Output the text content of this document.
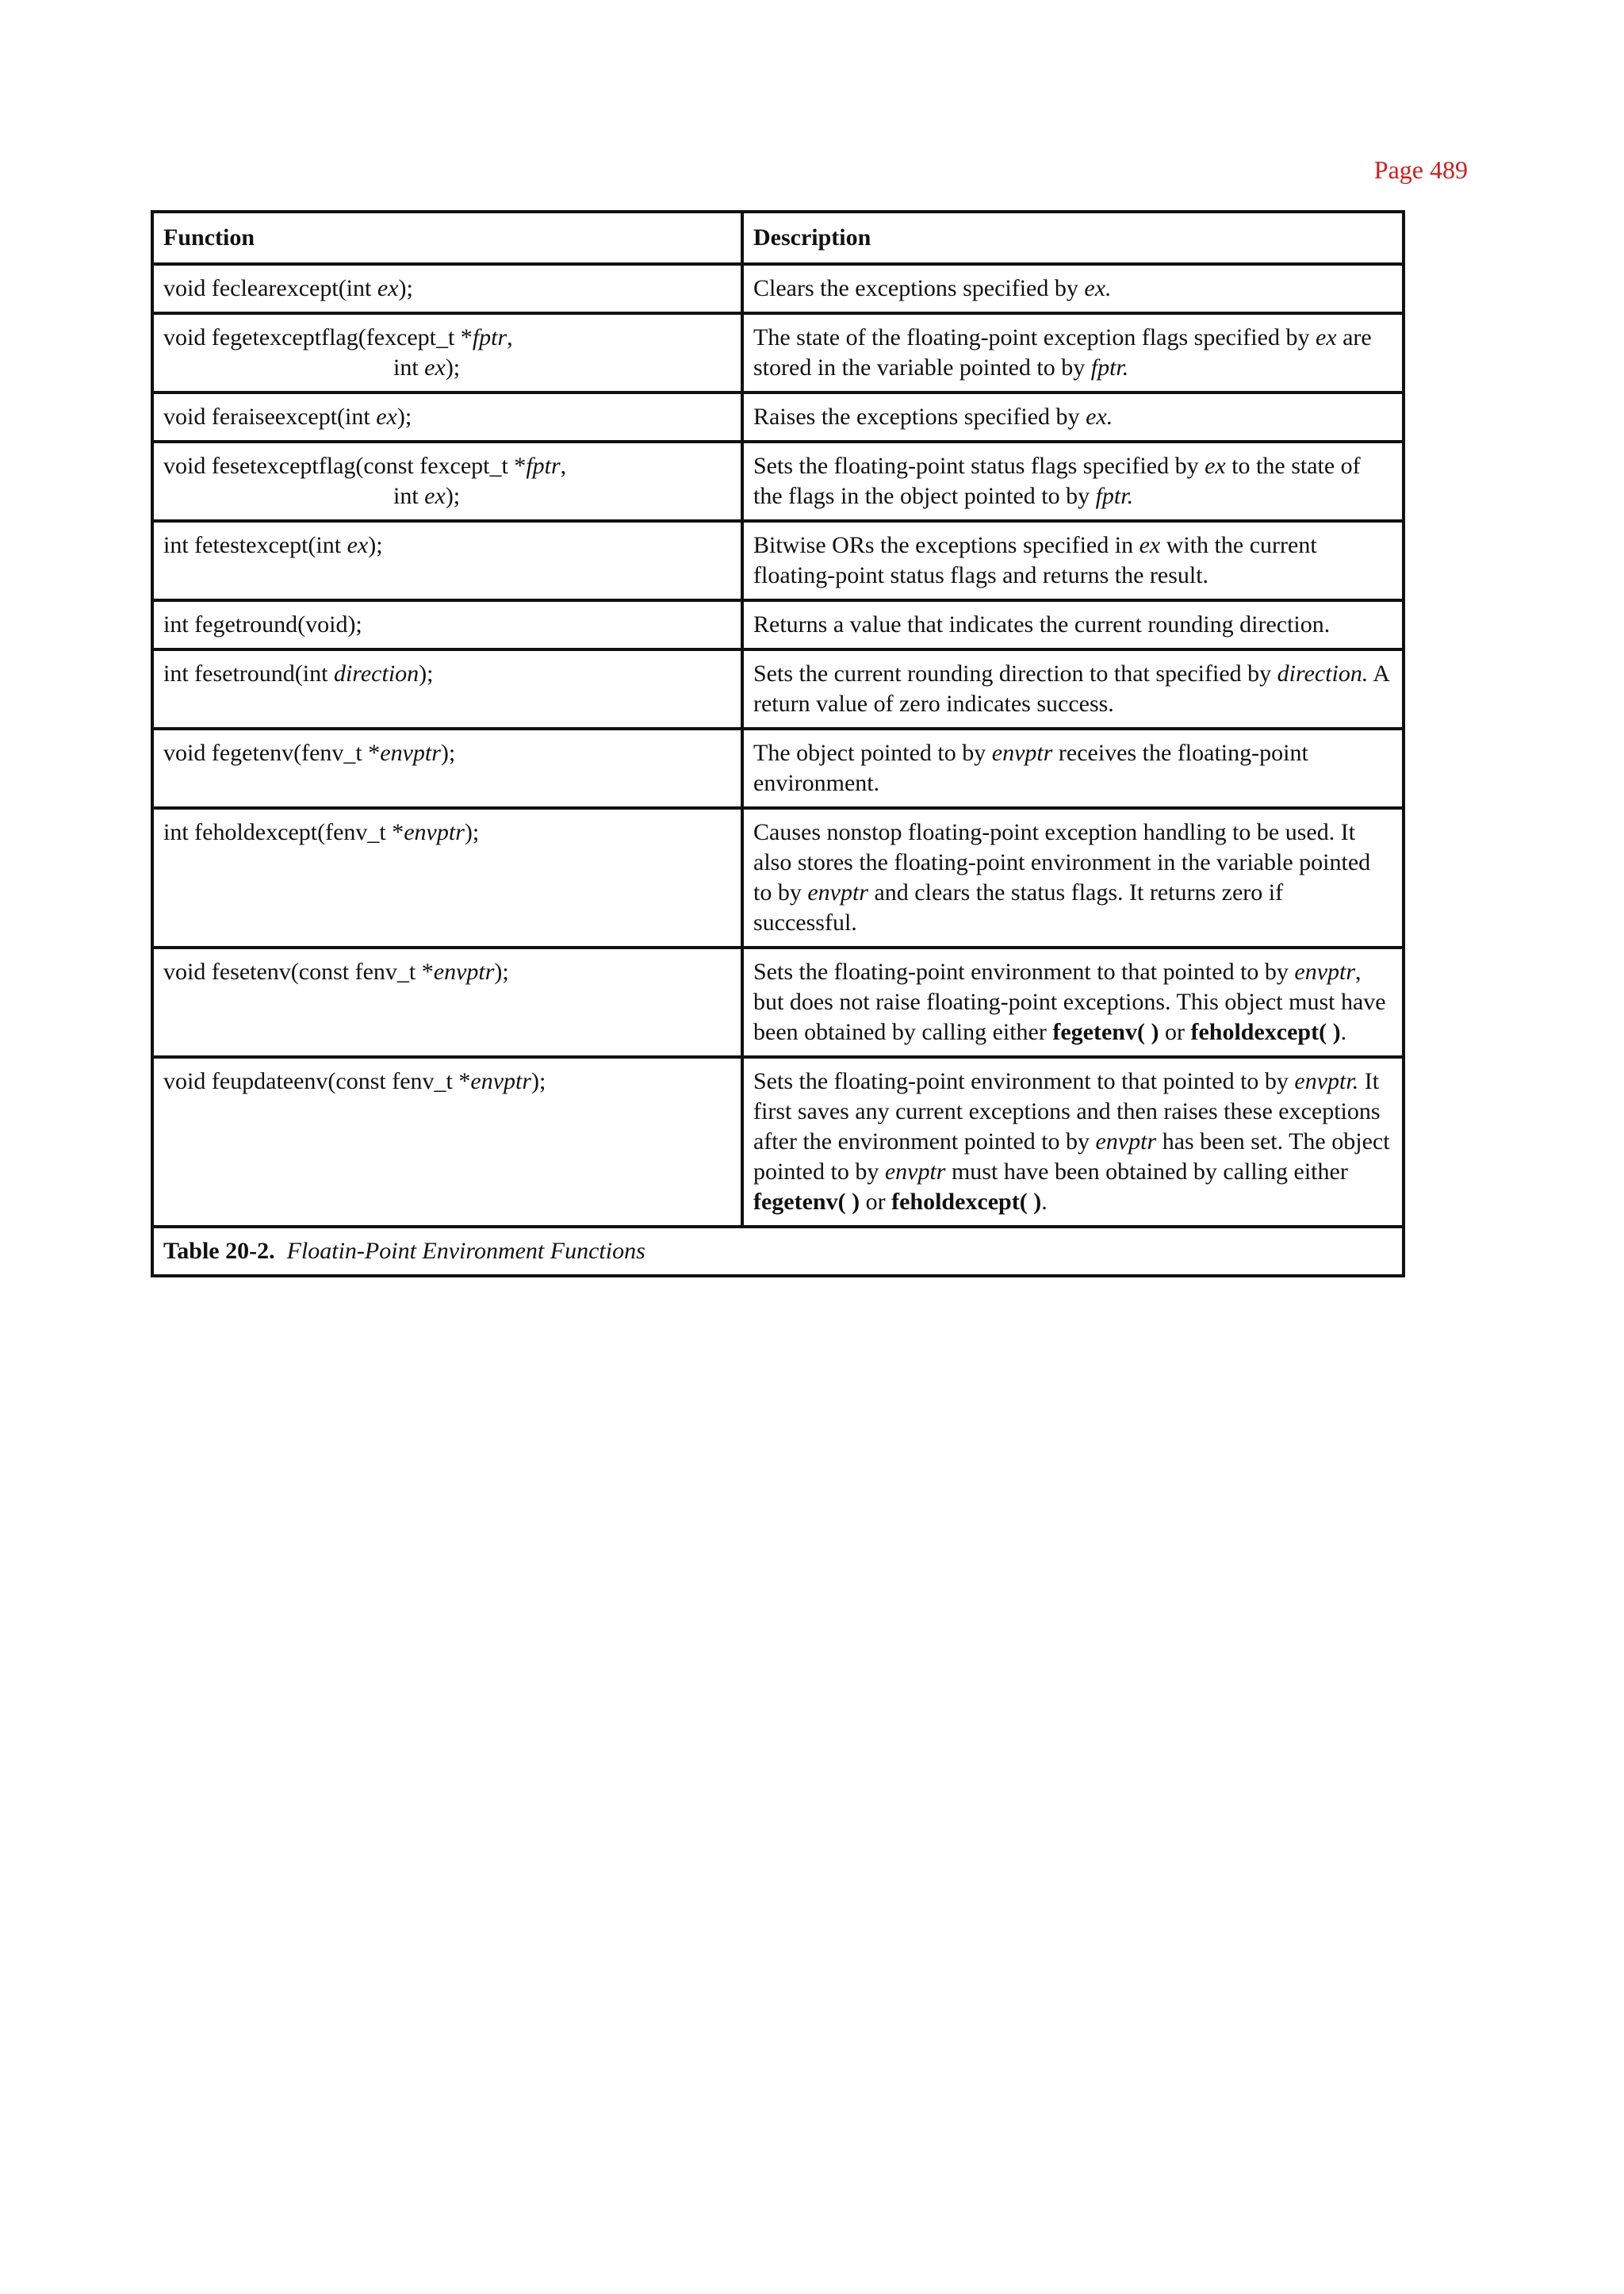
Page 489
Function	Description
void feclearexcept(int ex);	Clears the exceptions specified by ex.
void fegetexceptflag(fexcept_t *fptr,
int ex);	The state of the floating-point exception flags specified by ex are stored in the variable pointed to by fptr.
void feraiseexcept(int ex);	Raises the exceptions specified by ex.
void fesetexceptflag(const fexcept_t *fptr,
int ex);	Sets the floating-point status flags specified by ex to the state of the flags in the object pointed to by fptr.
int fetestexcept(int ex);	Bitwise ORs the exceptions specified in ex with the current floating-point status flags and returns the result.
int fegetround(void);	Returns a value that indicates the current rounding direction.
int fesetround(int direction);	Sets the current rounding direction to that specified by direction. A return value of zero indicates success.
void fegetenv(fenv_t *envptr);	The object pointed to by envptr receives the floating-point environment.
int feholdexcept(fenv_t *envptr);	Causes nonstop floating-point exception handling to be used. It also stores the floating-point environment in the variable pointed to by envptr and clears the status flags. It returns zero if successful.
void fesetenv(const fenv_t *envptr);	Sets the floating-point environment to that pointed to by envptr, but does not raise floating-point exceptions. This object must have been obtained by calling either fegetenv( ) or feholdexcept( ).
void feupdateenv(const fenv_t *envptr);	Sets the floating-point environment to that pointed to by envptr. It first saves any current exceptions and then raises these exceptions after the environment pointed to by envptr has been set. The object pointed to by envptr must have been obtained by calling either fegetenv( ) or feholdexcept( ).
Table 20-2. Floatin-Point Environment Functions	
